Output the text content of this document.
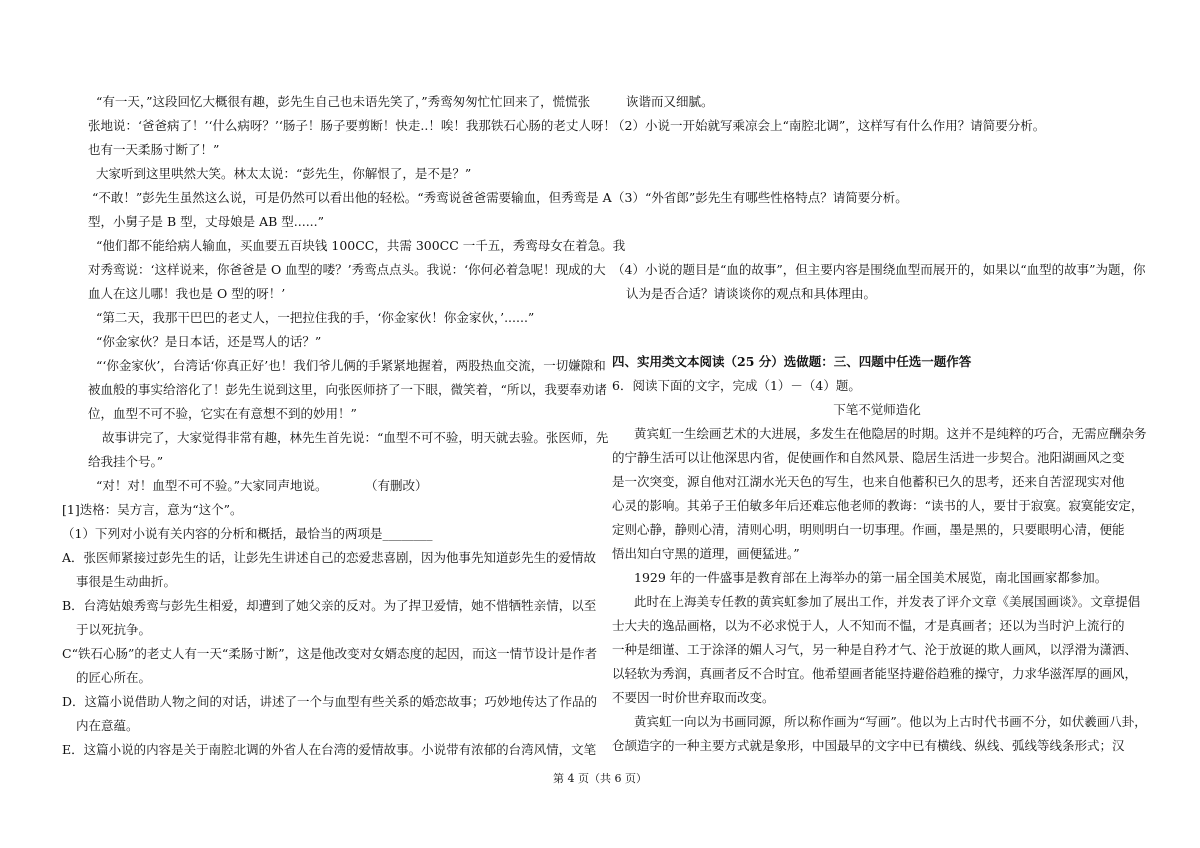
“有一天，”这段回忆大概很有趣，彭先生自己也未语先笑了，”秀鸾匆匆忙忙回来了，慌慌张
张地说：‘爸爸病了！’‘什么病呀？’‘肠子！肠子要剪断！快走..！唉！我那铁石心肠的老丈人呀！
也有一天柔肠寸断了！”
大家听到这里哄然大笑。林太太说：“彭先生，你解恨了，是不是？”
“不敢！”彭先生虽然这么说，可是仍然可以看出他的轻松。“秀鸾说爸爸需要输血，但秀鸾是 A
型，小舅子是 B 型，丈母娘是 AB 型......”
“他们都不能给病人输血，买血要五百块钱 100CC，共需 300CC 一千五，秀鸾母女在着急。我
对秀鸾说：‘这样说来，你爸爸是 O 血型的喽？’秀鸾点点头。我说：‘你何必着急呢！现成的大
血人在这儿哪！我也是 O 型的呀！’
“第二天，我那干巴巴的老丈人，一把拉住我的手，‘你金家伙！你金家伙，’......”
“你金家伙？是日本话，还是骂人的话？”
“‘你金家伙’，台湾话‘你真正好’也！我们爷儿俩的手紧紧地握着，两股热血交流，一切嫌隙和
被血般的事实给溶化了！彭先生说到这里，向张医师挤了一下眼，微笑着，“所以，我要奉劝诸
位，血型不可不验，它实在有意想不到的妙用！”
故事讲完了，大家觉得非常有趣，林先生首先说：“血型不可不验，明天就去验。张医师，先
给我挂个号。”
“对！对！血型不可不验。”大家同声地说。　　　　（有删改）
[1]迭格：吴方言，意为“这个”。
（1）下列对小说有关内容的分析和概括，最恰当的两项是________
A．张医师紧接过彭先生的话，让彭先生讲述自己的恋爱悲喜剧，因为他事先知道彭先生的爱情故
事很是生动曲折。
B．台湾姑娘秀鸾与彭先生相爱，却遭到了她父亲的反对。为了捍卫爱情，她不惜牺牲亲情，以至
于以死抗争。
C“铁石心肠”的老丈人有一天“柔肠寸断”，这是他改变对女婿态度的起因，而这一情节设计是作者
的匠心所在。
D．这篇小说借助人物之间的对话，讲述了一个与血型有些关系的婚恋故事；巧妙地传达了作品的
内在意蕴。
E．这篇小说的内容是关于南腔北调的外省人在台湾的爱情故事。小说带有浓郁的台湾风情，文笔
诙谐而又细腻。
（2）小说一开始就写乘凉会上“南腔北调”，这样写有什么作用？请简要分析。
（3）“外省郎”彭先生有哪些性格特点？请简要分析。
（4）小说的题目是“血的故事”，但主要内容是围绕血型而展开的，如果以“血型的故事”为题，你
认为是否合适？请谈谈你的观点和具体理由。
四、实用类文本阅读（25 分）选做题：三、四题中任选一题作答
6．阅读下面的文字，完成（1）－（4）题。
下笔不觉师造化
黄宾虹一生绘画艺术的大进展，多发生在他隐居的时期。这并不是纯粹的巧合，无需应酬杂务
的宁静生活可以让他深思内省，促使画作和自然风景、隐居生活进一步契合。池阳湖画风之变
是一次突变，源自他对江湖水光天色的写生，也来自他蓄积已久的思考，还来自苦涩现实对他
心灵的影响。其弟子王伯敏多年后还难忘他老师的教诲：“读书的人，要甘于寂寞。寂寞能安定，
定则心静，静则心清，清则心明，明则明白一切事理。作画，墨是黑的，只要眼明心清，便能
悟出知白守黑的道理，画便猛进。”
1929 年的一件盛事是教育部在上海举办的第一届全国美术展览，南北国画家都参加。
此时在上海美专任教的黄宾虹参加了展出工作，并发表了评介文章《美展国画谈》。文章提倡
士大夫的逸品画格，以为不必求悦于人，人不知而不愠，才是真画者；还以为当时沪上流行的
一种是细谨、工于涂泽的媚人习气，另一种是自矜才气、沦于放诞的欺人画风，以浮滑为潇洒、
以轻软为秀润，真画者反不合时宜。他希望画者能坚持避俗趋雅的操守，力求华滋浑厚的画风，
不要因一时价世弃取而改变。
黄宾虹一向以为书画同源，所以称作画为“写画”。他以为上古时代书画不分，如伏羲画八卦，
仓颉造字的一种主要方式就是象形，中国最早的文字中已有横线、纵线、弧线等线条形式；汉
第 4 页（共 6 页）
